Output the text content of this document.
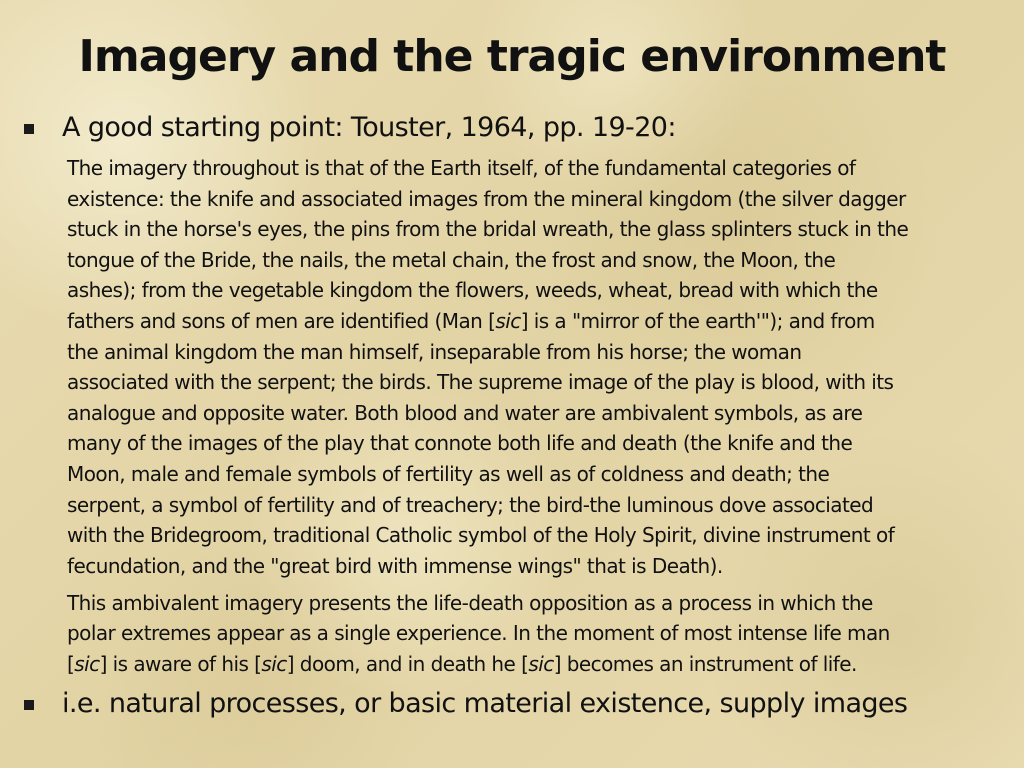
Imagery and the tragic environment
A good starting point: Touster, 1964, pp. 19-20:
The imagery throughout is that of the Earth itself, of the fundamental categories of
existence: the knife and associated images from the mineral kingdom (the silver dagger
stuck in the horse's eyes, the pins from the bridal wreath, the glass splinters stuck in the
tongue of the Bride, the nails, the metal chain, the frost and snow, the Moon, the
ashes); from the vegetable kingdom the flowers, weeds, wheat, bread with which the
fathers and sons of men are identified (Man [sic] is a "mirror of the earth'"); and from
the animal kingdom the man himself, inseparable from his horse; the woman
associated with the serpent; the birds. The supreme image of the play is blood, with its
analogue and opposite water. Both blood and water are ambivalent symbols, as are
many of the images of the play that connote both life and death (the knife and the
Moon, male and female symbols of fertility as well as of coldness and death; the
serpent, a symbol of fertility and of treachery; the bird-the luminous dove associated
with the Bridegroom, traditional Catholic symbol of the Holy Spirit, divine instrument of
fecundation, and the "great bird with immense wings" that is Death).
This ambivalent imagery presents the life-death opposition as a process in which the
polar extremes appear as a single experience. In the moment of most intense life man
[sic] is aware of his [sic] doom, and in death he [sic] becomes an instrument of life.
i.e. natural processes, or basic material existence, supply images
